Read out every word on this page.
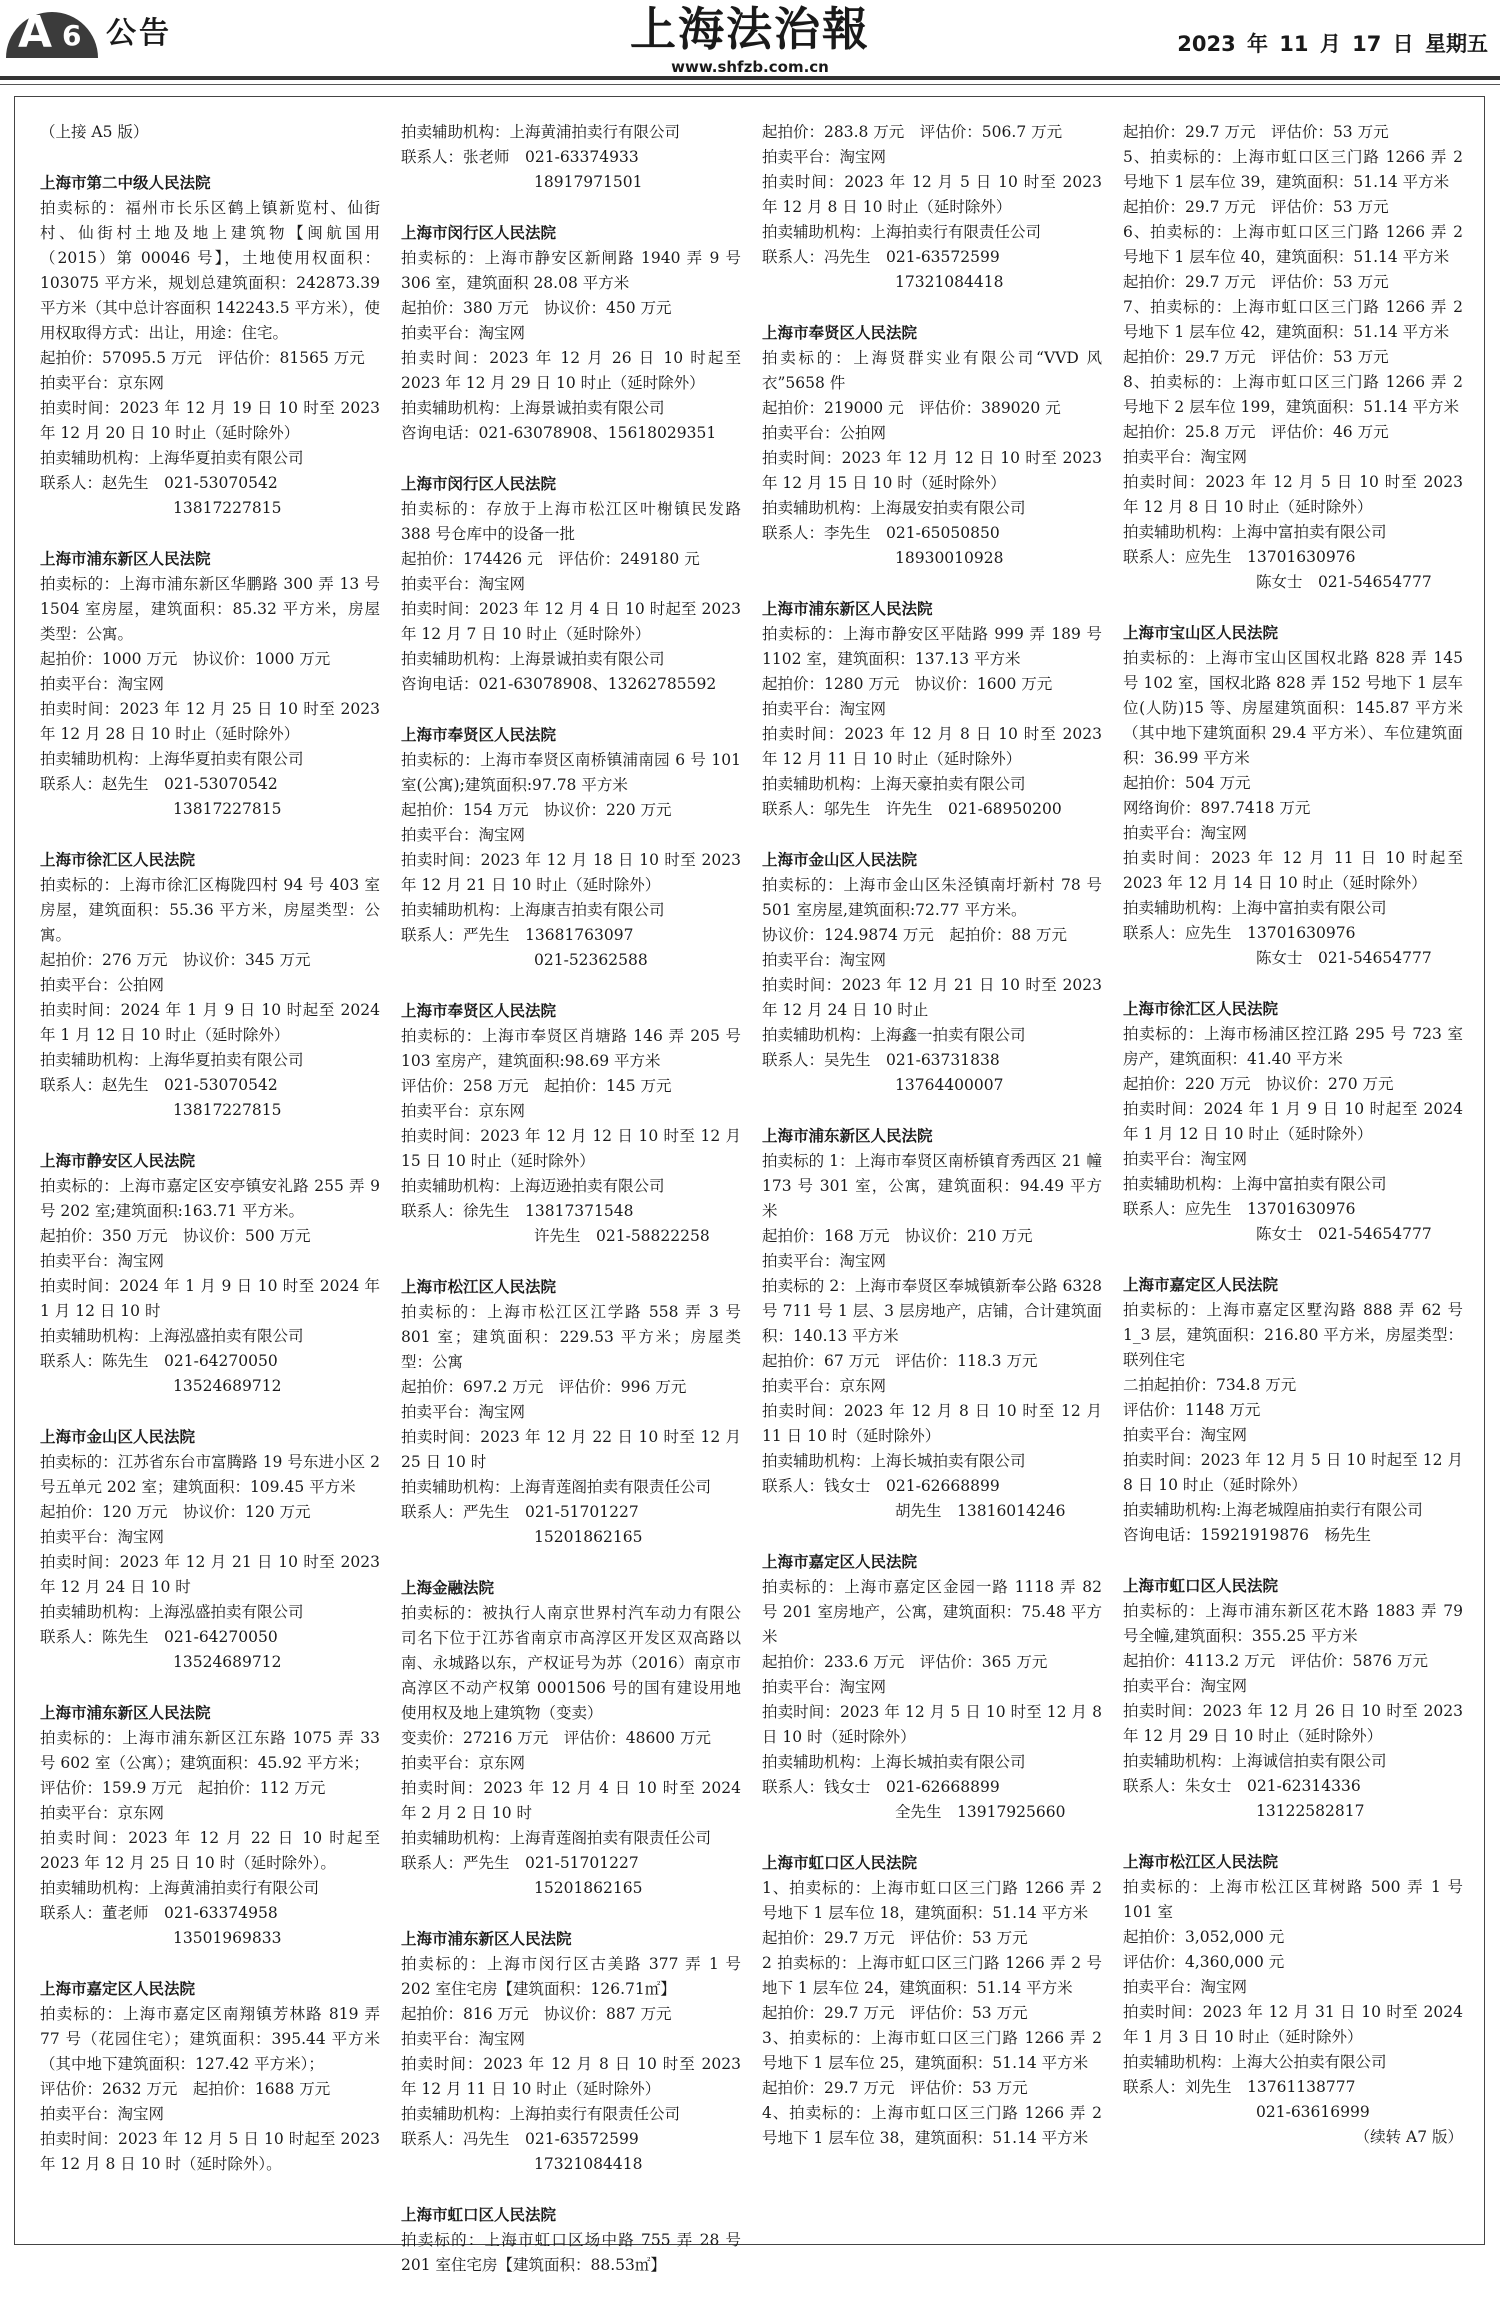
A 6 公告	上海法治報
www.shfzb.com.cn
2023 年 11 月 17 日 星期五

（上接 A5 版）

上海市第二中级人民法院

拍卖标的：福州市长乐区鹤上镇新览村、仙街村、仙街村土地及地上建筑物【闽航国用（2015）第 00046 号】，土地使用权面积：103075 平方米，规划总建筑面积：242873.39 平方米（其中总计容面积 142243.5 平方米），使用权取得方式：出让，用途：住宅。

起拍价：57095.5 万元　评估价：81565 万元

拍卖平台：京东网

拍卖时间：2023 年 12 月 19 日 10 时至 2023 年 12 月 20 日 10 时止（延时除外）

拍卖辅助机构：上海华夏拍卖有限公司

联系人：赵先生　021-53070542

13817227815

上海市浦东新区人民法院

拍卖标的：上海市浦东新区华鹏路 300 弄 13 号 1504 室房屋，建筑面积：85.32 平方米，房屋类型：公寓。

起拍价：1000 万元　协议价：1000 万元

拍卖平台：淘宝网

拍卖时间：2023 年 12 月 25 日 10 时至 2023 年 12 月 28 日 10 时止（延时除外）

拍卖辅助机构：上海华夏拍卖有限公司

联系人：赵先生　021-53070542

13817227815

上海市徐汇区人民法院

拍卖标的：上海市徐汇区梅陇四村 94 号 403 室房屋，建筑面积：55.36 平方米，房屋类型：公寓。

起拍价：276 万元　协议价：345 万元

拍卖平台：公拍网

拍卖时间：2024 年 1 月 9 日 10 时起至 2024 年 1 月 12 日 10 时止（延时除外）

拍卖辅助机构：上海华夏拍卖有限公司

联系人：赵先生　021-53070542

13817227815

上海市静安区人民法院

拍卖标的：上海市嘉定区安亭镇安礼路 255 弄 9 号 202 室;建筑面积:163.71 平方米。

起拍价：350 万元　协议价：500 万元

拍卖平台：淘宝网

拍卖时间：2024 年 1 月 9 日 10 时至 2024 年 1 月 12 日 10 时

拍卖辅助机构：上海泓盛拍卖有限公司

联系人：陈先生　021-64270050

13524689712

上海市金山区人民法院

拍卖标的：江苏省东台市富腾路 19 号东进小区 2 号五单元 202 室；建筑面积：109.45 平方米

起拍价：120 万元　协议价：120 万元

拍卖平台：淘宝网

拍卖时间：2023 年 12 月 21 日 10 时至 2023 年 12 月 24 日 10 时

拍卖辅助机构：上海泓盛拍卖有限公司

联系人：陈先生　021-64270050

13524689712

上海市浦东新区人民法院

拍卖标的：上海市浦东新区江东路 1075 弄 33 号 602 室（公寓）；建筑面积：45.92 平方米；

评估价：159.9 万元　起拍价：112 万元

拍卖平台：京东网

拍卖时间：2023 年 12 月 22 日 10 时起至 2023 年 12 月 25 日 10 时（延时除外）。

拍卖辅助机构：上海黄浦拍卖行有限公司

联系人：董老师　021-63374958

13501969833

上海市嘉定区人民法院

拍卖标的：上海市嘉定区南翔镇芳林路 819 弄 77 号（花园住宅）；建筑面积：395.44 平方米（其中地下建筑面积：127.42 平方米）；

评估价：2632 万元　起拍价：1688 万元

拍卖平台：淘宝网

拍卖时间：2023 年 12 月 5 日 10 时起至 2023 年 12 月 8 日 10 时（延时除外）。

拍卖辅助机构：上海黄浦拍卖行有限公司

联系人：张老师　021-63374933

18917971501

上海市闵行区人民法院

拍卖标的：上海市静安区新闸路 1940 弄 9 号 306 室，建筑面积 28.08 平方米

起拍价：380 万元　协议价：450 万元

拍卖平台：淘宝网

拍卖时间：2023 年 12 月 26 日 10 时起至 2023 年 12 月 29 日 10 时止（延时除外）

拍卖辅助机构：上海景诚拍卖有限公司

咨询电话：021-63078908、15618029351

上海市闵行区人民法院

拍卖标的：存放于上海市松江区叶榭镇民发路 388 号仓库中的设备一批

起拍价：174426 元　评估价：249180 元

拍卖平台：淘宝网

拍卖时间：2023 年 12 月 4 日 10 时起至 2023 年 12 月 7 日 10 时止（延时除外）

拍卖辅助机构：上海景诚拍卖有限公司

咨询电话：021-63078908、13262785592

上海市奉贤区人民法院

拍卖标的：上海市奉贤区南桥镇浦南园 6 号 101 室(公寓);建筑面积:97.78 平方米

起拍价：154 万元　协议价：220 万元

拍卖平台：淘宝网

拍卖时间：2023 年 12 月 18 日 10 时至 2023 年 12 月 21 日 10 时止（延时除外）

拍卖辅助机构：上海康吉拍卖有限公司

联系人：严先生　13681763097

021-52362588

上海市奉贤区人民法院

拍卖标的：上海市奉贤区肖塘路 146 弄 205 号 103 室房产，建筑面积:98.69 平方米

评估价：258 万元　起拍价：145 万元

拍卖平台：京东网

拍卖时间：2023 年 12 月 12 日 10 时至 12 月 15 日 10 时止（延时除外）

拍卖辅助机构：上海迈逊拍卖有限公司

联系人：徐先生　13817371548

许先生　021-58822258

上海市松江区人民法院

拍卖标的：上海市松江区江学路 558 弄 3 号 801 室；建筑面积：229.53 平方米；房屋类型：公寓

起拍价：697.2 万元　评估价：996 万元

拍卖平台：淘宝网

拍卖时间：2023 年 12 月 22 日 10 时至 12 月 25 日 10 时

拍卖辅助机构：上海青莲阁拍卖有限责任公司

联系人：严先生　021-51701227

15201862165

上海金融法院

拍卖标的：被执行人南京世界村汽车动力有限公司名下位于江苏省南京市高淳区开发区双高路以南、永城路以东，产权证号为苏（2016）南京市高淳区不动产权第 0001506 号的国有建设用地使用权及地上建筑物（变卖）

变卖价：27216 万元　评估价：48600 万元

拍卖平台：京东网

拍卖时间：2023 年 12 月 4 日 10 时至 2024 年 2 月 2 日 10 时

拍卖辅助机构：上海青莲阁拍卖有限责任公司

联系人：严先生　021-51701227

15201862165

上海市浦东新区人民法院

拍卖标的：上海市闵行区古美路 377 弄 1 号 202 室住宅房【建筑面积：126.71㎡】

起拍价：816 万元　协议价：887 万元

拍卖平台：淘宝网

拍卖时间：2023 年 12 月 8 日 10 时至 2023 年 12 月 11 日 10 时止（延时除外）

拍卖辅助机构：上海拍卖行有限责任公司

联系人：冯先生　021-63572599

17321084418

上海市虹口区人民法院

拍卖标的：上海市虹口区场中路 755 弄 28 号 201 室住宅房【建筑面积：88.53㎡】

起拍价：283.8 万元　评估价：506.7 万元

拍卖平台：淘宝网

拍卖时间：2023 年 12 月 5 日 10 时至 2023 年 12 月 8 日 10 时止（延时除外）

拍卖辅助机构：上海拍卖行有限责任公司

联系人：冯先生　021-63572599

17321084418

上海市奉贤区人民法院

拍卖标的：上海贤群实业有限公司“VVD 风衣”5658 件

起拍价：219000 元　评估价：389020 元

拍卖平台：公拍网

拍卖时间：2023 年 12 月 12 日 10 时至 2023 年 12 月 15 日 10 时（延时除外）

拍卖辅助机构：上海晟安拍卖有限公司

联系人：李先生　021-65050850

18930010928

上海市浦东新区人民法院

拍卖标的：上海市静安区平陆路 999 弄 189 号 1102 室，建筑面积：137.13 平方米

起拍价：1280 万元　协议价：1600 万元

拍卖平台：淘宝网

拍卖时间：2023 年 12 月 8 日 10 时至 2023 年 12 月 11 日 10 时止（延时除外）

拍卖辅助机构：上海天豪拍卖有限公司

联系人：邬先生　许先生　021-68950200

上海市金山区人民法院

拍卖标的：上海市金山区朱泾镇南圩新村 78 号 501 室房屋,建筑面积:72.77 平方米。

协议价：124.9874 万元　起拍价：88 万元

拍卖平台：淘宝网

拍卖时间：2023 年 12 月 21 日 10 时至 2023 年 12 月 24 日 10 时止

拍卖辅助机构：上海鑫一拍卖有限公司

联系人：吴先生　021-63731838

13764400007

上海市浦东新区人民法院

拍卖标的 1：上海市奉贤区南桥镇育秀西区 21 幢 173 号 301 室，公寓，建筑面积：94.49 平方米

起拍价：168 万元　协议价：210 万元

拍卖平台：淘宝网

拍卖标的 2：上海市奉贤区奉城镇新奉公路 6328 号 711 号 1 层、3 层房地产，店铺，合计建筑面积：140.13 平方米

起拍价：67 万元　评估价：118.3 万元

拍卖平台：京东网

拍卖时间：2023 年 12 月 8 日 10 时至 12 月 11 日 10 时（延时除外）

拍卖辅助机构：上海长城拍卖有限公司

联系人：钱女士　021-62668899

胡先生　13816014246

上海市嘉定区人民法院

拍卖标的：上海市嘉定区金园一路 1118 弄 82 号 201 室房地产，公寓，建筑面积：75.48 平方米

起拍价：233.6 万元　评估价：365 万元

拍卖平台：淘宝网

拍卖时间：2023 年 12 月 5 日 10 时至 12 月 8 日 10 时（延时除外）

拍卖辅助机构：上海长城拍卖有限公司

联系人：钱女士　021-62668899

全先生　13917925660

上海市虹口区人民法院

1、拍卖标的：上海市虹口区三门路 1266 弄 2 号地下 1 层车位 18，建筑面积：51.14 平方米

起拍价：29.7 万元　评估价：53 万元

2 拍卖标的：上海市虹口区三门路 1266 弄 2 号地下 1 层车位 24，建筑面积：51.14 平方米

起拍价：29.7 万元　评估价：53 万元

3、拍卖标的：上海市虹口区三门路 1266 弄 2 号地下 1 层车位 25，建筑面积：51.14 平方米

起拍价：29.7 万元　评估价：53 万元

4、拍卖标的：上海市虹口区三门路 1266 弄 2 号地下 1 层车位 38，建筑面积：51.14 平方米

起拍价：29.7 万元　评估价：53 万元

5、拍卖标的：上海市虹口区三门路 1266 弄 2 号地下 1 层车位 39，建筑面积：51.14 平方米

起拍价：29.7 万元　评估价：53 万元

6、拍卖标的：上海市虹口区三门路 1266 弄 2 号地下 1 层车位 40，建筑面积：51.14 平方米

起拍价：29.7 万元　评估价：53 万元

7、拍卖标的：上海市虹口区三门路 1266 弄 2 号地下 1 层车位 42，建筑面积：51.14 平方米

起拍价：29.7 万元　评估价：53 万元

8、拍卖标的：上海市虹口区三门路 1266 弄 2 号地下 2 层车位 199，建筑面积：51.14 平方米

起拍价：25.8 万元　评估价：46 万元

拍卖平台：淘宝网

拍卖时间：2023 年 12 月 5 日 10 时至 2023 年 12 月 8 日 10 时止（延时除外）

拍卖辅助机构：上海中富拍卖有限公司

联系人：应先生　13701630976

陈女士　021-54654777

上海市宝山区人民法院

拍卖标的：上海市宝山区国权北路 828 弄 145 号 102 室，国权北路 828 弄 152 号地下 1 层车位(人防)15 等、房屋建筑面积：145.87 平方米（其中地下建筑面积 29.4 平方米）、车位建筑面积：36.99 平方米

起拍价：504 万元

网络询价：897.7418 万元

拍卖平台：淘宝网

拍卖时间：2023 年 12 月 11 日 10 时起至 2023 年 12 月 14 日 10 时止（延时除外）

拍卖辅助机构：上海中富拍卖有限公司

联系人：应先生　13701630976

陈女士　021-54654777

上海市徐汇区人民法院

拍卖标的：上海市杨浦区控江路 295 号 723 室房产，建筑面积：41.40 平方米

起拍价：220 万元　协议价：270 万元

拍卖时间：2024 年 1 月 9 日 10 时起至 2024 年 1 月 12 日 10 时止（延时除外）

拍卖平台：淘宝网

拍卖辅助机构：上海中富拍卖有限公司

联系人：应先生　13701630976

陈女士　021-54654777

上海市嘉定区人民法院

拍卖标的：上海市嘉定区墅沟路 888 弄 62 号 1_3 层，建筑面积：216.80 平方米，房屋类型：联列住宅

二拍起拍价：734.8 万元

评估价：1148 万元

拍卖平台：淘宝网

拍卖时间：2023 年 12 月 5 日 10 时起至 12 月 8 日 10 时止（延时除外）

拍卖辅助机构:上海老城隍庙拍卖行有限公司

咨询电话：15921919876　杨先生

上海市虹口区人民法院

拍卖标的：上海市浦东新区花木路 1883 弄 79 号全幢,建筑面积：355.25 平方米

起拍价：4113.2 万元　评估价：5876 万元

拍卖平台：淘宝网

拍卖时间：2023 年 12 月 26 日 10 时至 2023 年 12 月 29 日 10 时止（延时除外）

拍卖辅助机构：上海诚信拍卖有限公司

联系人：朱女士　021-62314336

13122582817

上海市松江区人民法院

拍卖标的：上海市松江区茸树路 500 弄 1 号 101 室

起拍价：3,052,000 元

评估价：4,360,000 元

拍卖平台：淘宝网

拍卖时间：2023 年 12 月 31 日 10 时至 2024 年 1 月 3 日 10 时止（延时除外）

拍卖辅助机构：上海大公拍卖有限公司

联系人：刘先生　13761138777

021-63616999

（续转 A7 版）
